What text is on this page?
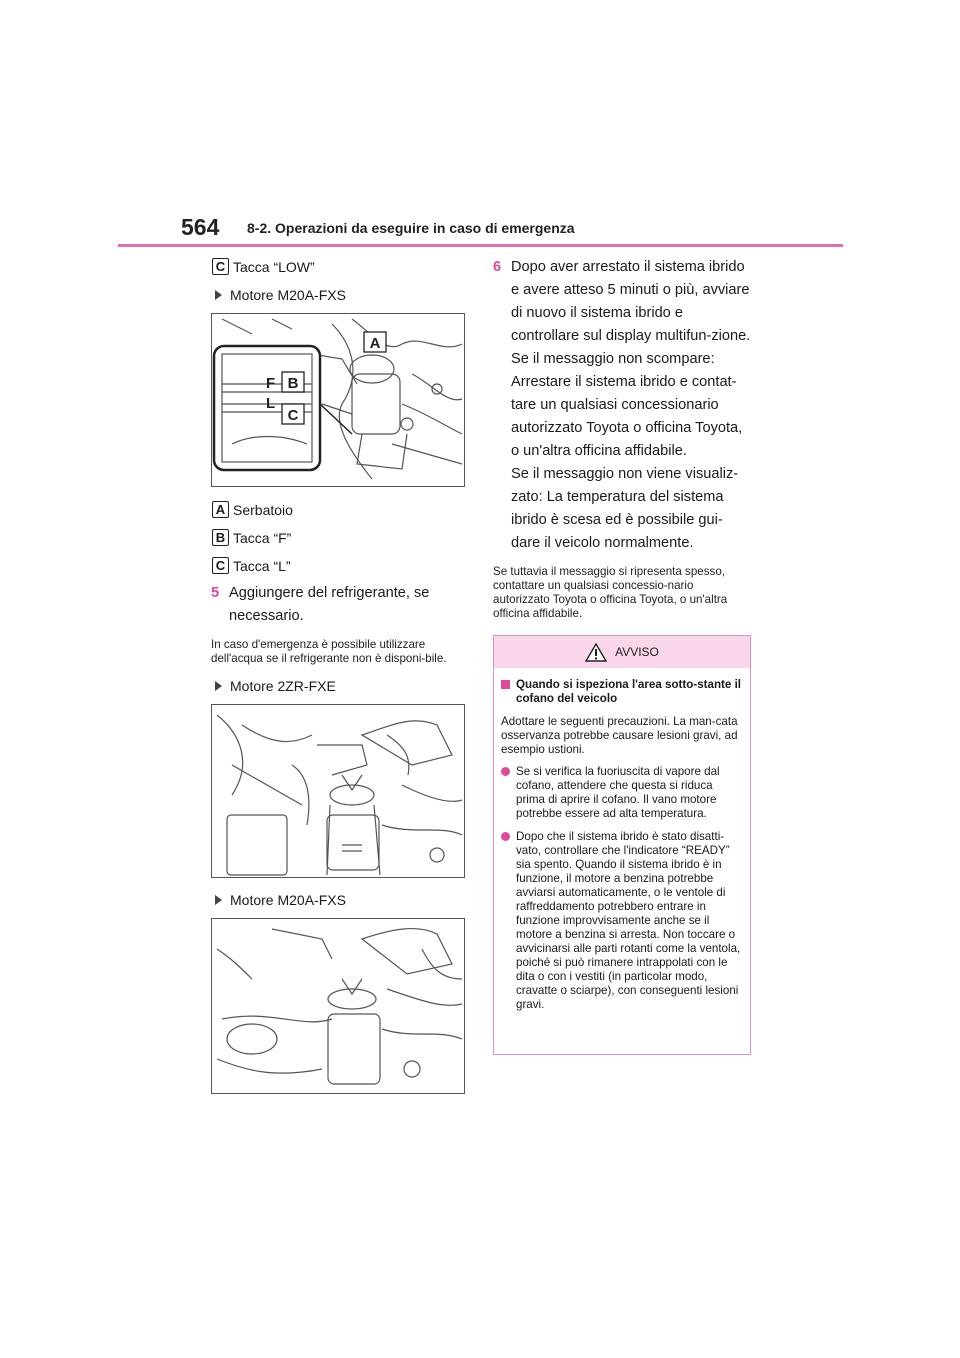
564 8-2. Operazioni da eseguire in caso di emergenza
C Tacca “LOW”
Motore M20A-FXS
A
B
C
F
L
A Serbatoio
B Tacca “F”
C Tacca “L”
5 Aggiungere del refrigerante, se necessario.
In caso d'emergenza è possibile utilizzare dell'acqua se il refrigerante non è disponi-bile.
Motore 2ZR-FXE
Motore M20A-FXS
6 Dopo aver arrestato il sistema ibrido e avere atteso 5 minuti o più, avviare di nuovo il sistema ibrido e controllare sul display multifun-zione.
Se il messaggio non scompare: Arrestare il sistema ibrido e contat-tare un qualsiasi concessionario autorizzato Toyota o officina Toyota, o un'altra officina affidabile.
Se il messaggio non viene visualiz-zato: La temperatura del sistema ibrido è scesa ed è possibile gui-dare il veicolo normalmente.
Se tuttavia il messaggio si ripresenta spesso, contattare un qualsiasi concessio-nario autorizzato Toyota o officina Toyota, o un'altra officina affidabile.
AVVISO
Quando si ispeziona l'area sotto-stante il cofano del veicolo
Adottare le seguenti precauzioni. La man-cata osservanza potrebbe causare lesioni gravi, ad esempio ustioni.
Se si verifica la fuoriuscita di vapore dal cofano, attendere che questa si riduca prima di aprire il cofano. Il vano motore potrebbe essere ad alta temperatura.
Dopo che il sistema ibrido è stato disatti-vato, controllare che l'indicatore “READY” sia spento. Quando il sistema ibrido è in funzione, il motore a benzina potrebbe avviarsi automaticamente, o le ventole di raffreddamento potrebbero entrare in funzione improvvisamente anche se il motore a benzina si arresta. Non toccare o avvicinarsi alle parti rotanti come la ventola, poiché si può rimanere intrappolati con le dita o con i vestiti (in particolar modo, cravatte o sciarpe), con conseguenti lesioni gravi.
